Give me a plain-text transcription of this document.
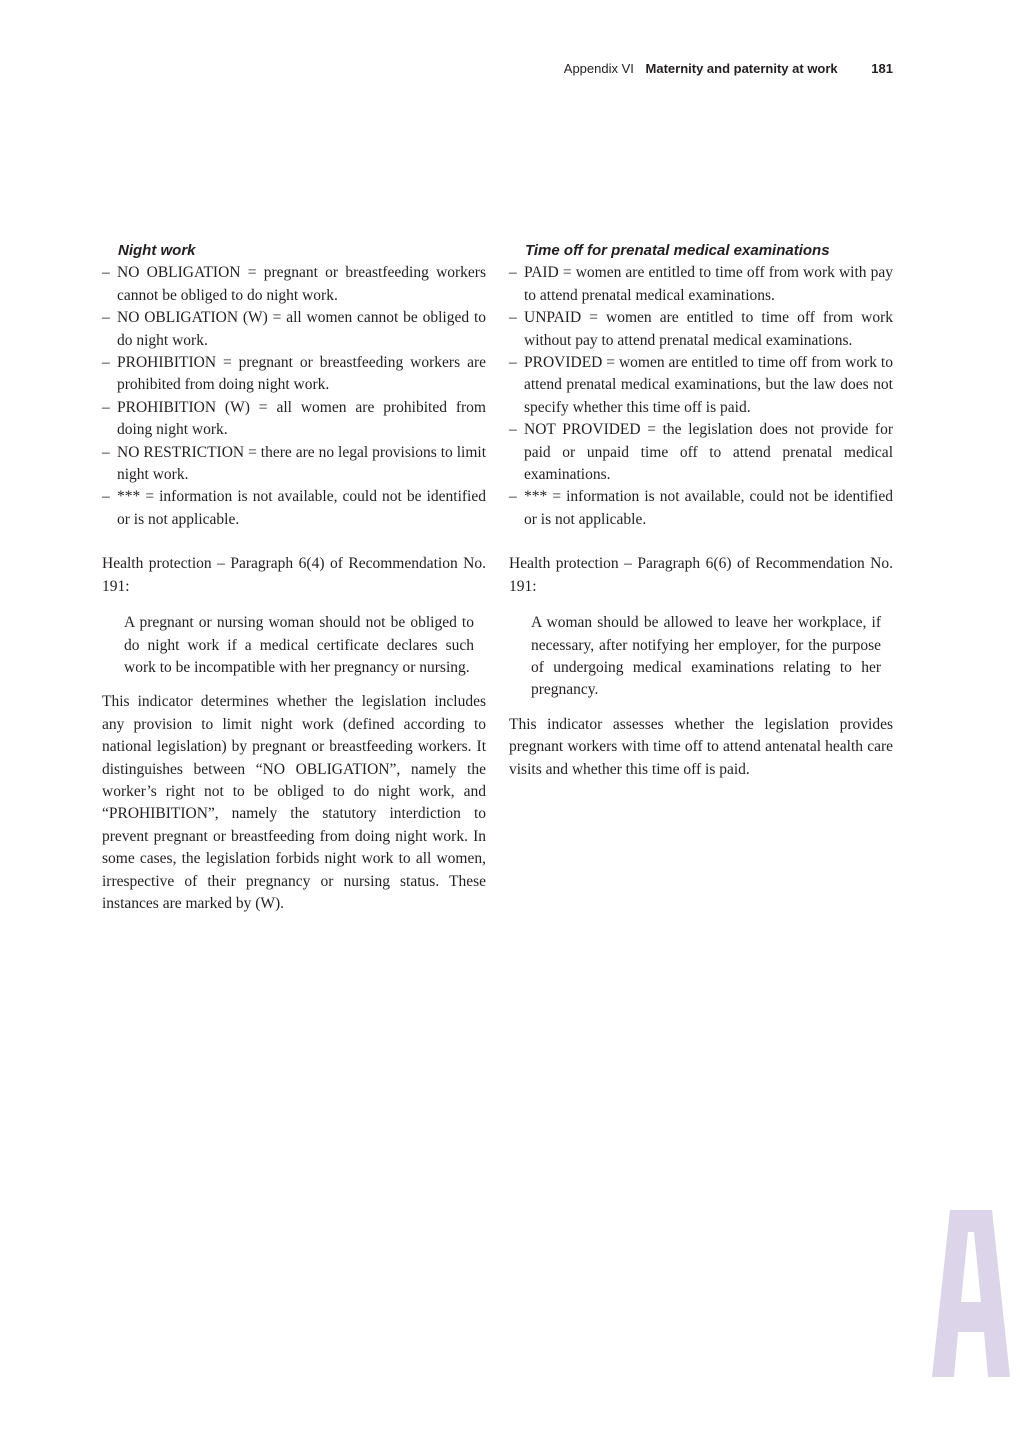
Appendix VI Maternity and paternity at work	181
Night work
– NO OBLIGATION = pregnant or breastfeeding workers cannot be obliged to do night work.
– NO OBLIGATION (W) = all women cannot be obliged to do night work.
– PROHIBITION = pregnant or breastfeeding workers are prohibited from doing night work.
– PROHIBITION (W) = all women are prohibited from doing night work.
– NO RESTRICTION = there are no legal provisions to limit night work.
– *** = information is not available, could not be identified or is not applicable.

Health protection – Paragraph 6(4) of Recommendation No. 191:

A pregnant or nursing woman should not be obliged to do night work if a medical certificate declares such work to be incompatible with her pregnancy or nursing.

This indicator determines whether the legislation includes any provision to limit night work (defined according to national legislation) by pregnant or breastfeeding workers. It distinguishes between “NO OBLIGATION”, namely the worker’s right not to be obliged to do night work, and “PROHIBITION”, namely the statutory interdiction to prevent pregnant or breastfeeding from doing night work. In some cases, the legislation forbids night work to all women, irrespective of their pregnancy or nursing status. These instances are marked by (W).

Time off for prenatal medical examinations
– PAID = women are entitled to time off from work with pay to attend prenatal medical examinations.
– UNPAID = women are entitled to time off from work without pay to attend prenatal medical examinations.
– PROVIDED = women are entitled to time off from work to attend prenatal medical examinations, but the law does not specify whether this time off is paid.
– NOT PROVIDED = the legislation does not provide for paid or unpaid time off to attend prenatal medical examinations.
– *** = information is not available, could not be identified or is not applicable.

Health protection – Paragraph 6(6) of Recommendation No. 191:

A woman should be allowed to leave her workplace, if necessary, after notifying her employer, for the purpose of undergoing medical examinations relating to her pregnancy.

This indicator assesses whether the legislation provides pregnant workers with time off to attend antenatal health care visits and whether this time off is paid.
